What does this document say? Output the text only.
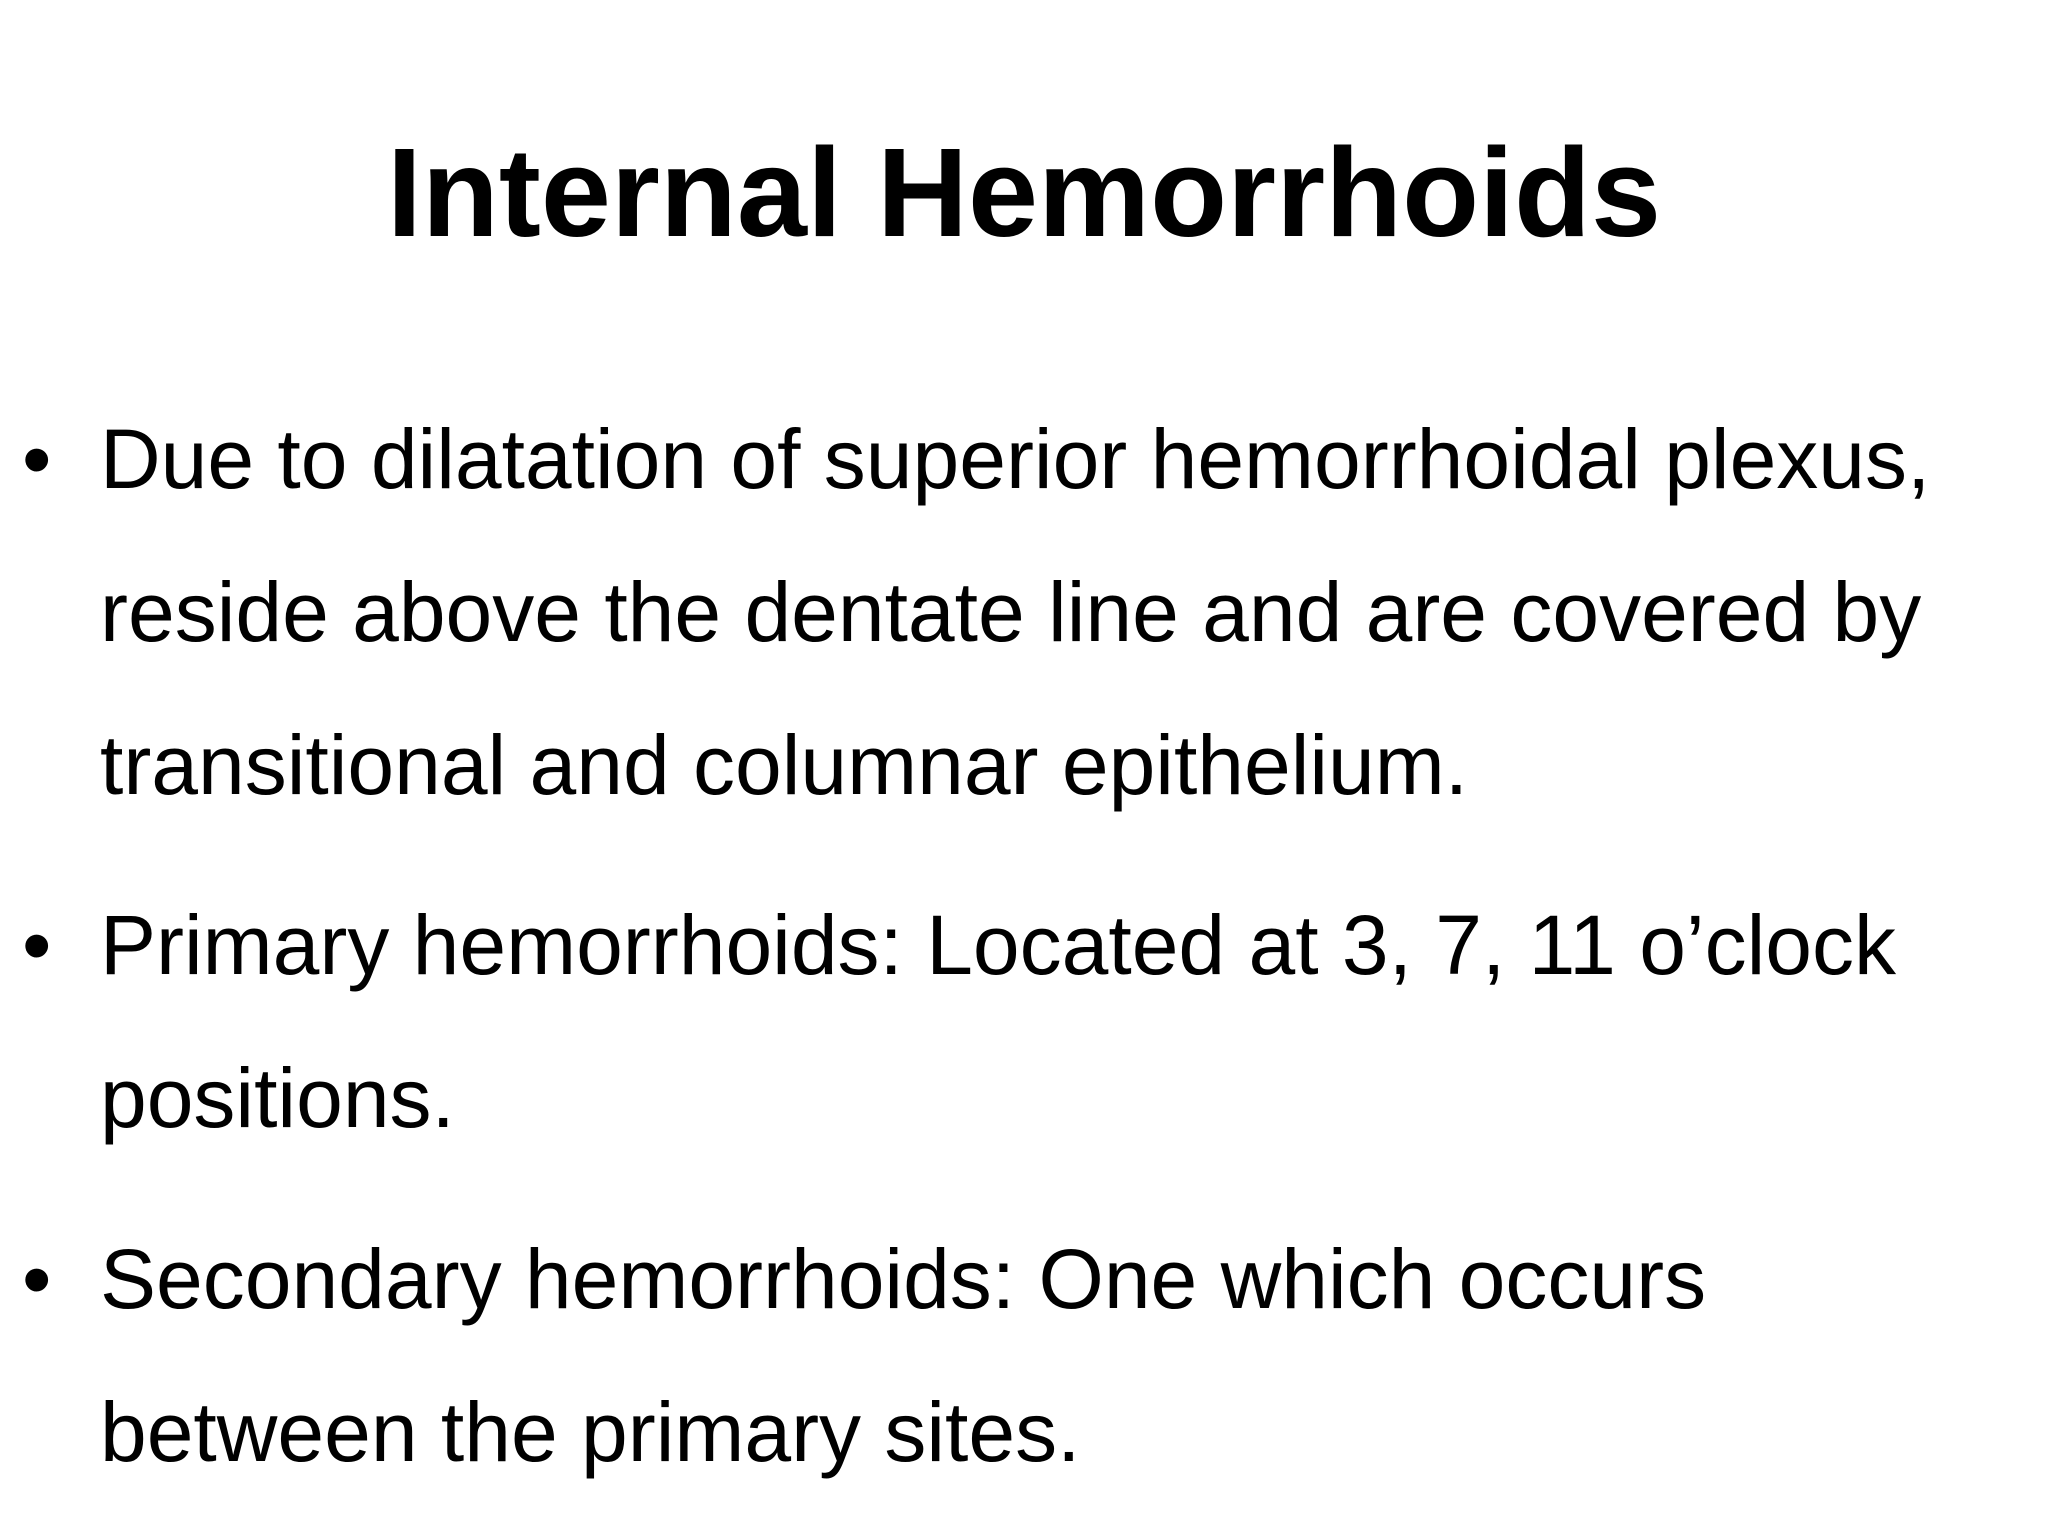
Internal Hemorrhoids
• Due to dilatation of superior hemorrhoidal plexus,
reside above the dentate line and are covered by
transitional and columnar epithelium.
• Primary hemorrhoids: Located at 3, 7, 11 o’clock
positions.
• Secondary hemorrhoids: One which occurs
between the primary sites.
